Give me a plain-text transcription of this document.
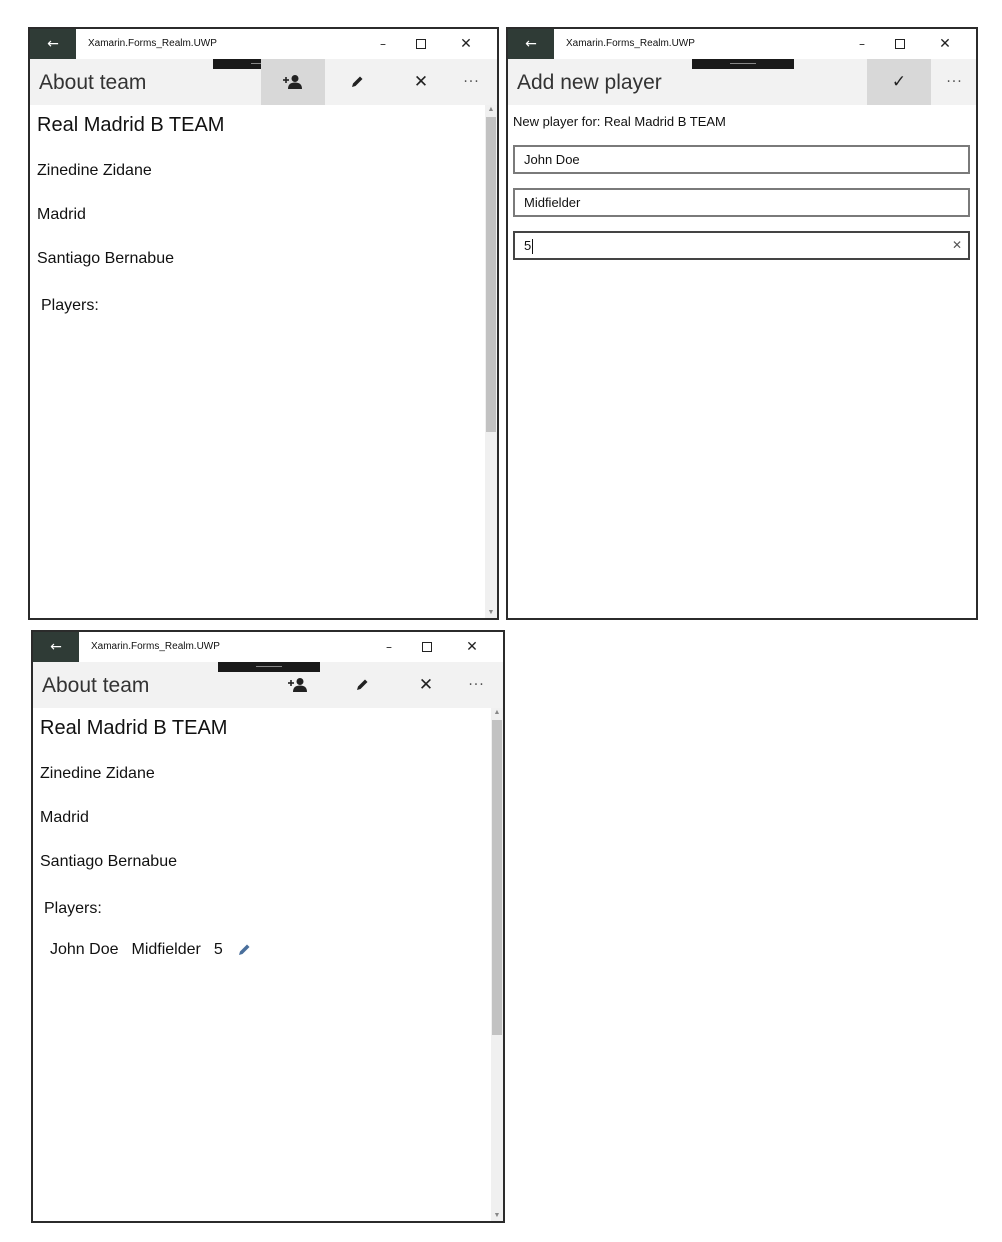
←	Xamarin.Forms_Realm.UWP	–	✕
About team	✕	···
Real Madrid B TEAM
Zinedine Zidane
Madrid
Santiago Bernabue
Players:
▲
▼
←	Xamarin.Forms_Realm.UWP	–	✕
Add new player	✓	···
New player for: Real Madrid B TEAM
John Doe
Midfielder
5	✕
←	Xamarin.Forms_Realm.UWP	–	✕
About team	✕	···
Real Madrid B TEAM
Zinedine Zidane
Madrid
Santiago Bernabue
Players:
John Doe Midfielder 5
▲
▼
